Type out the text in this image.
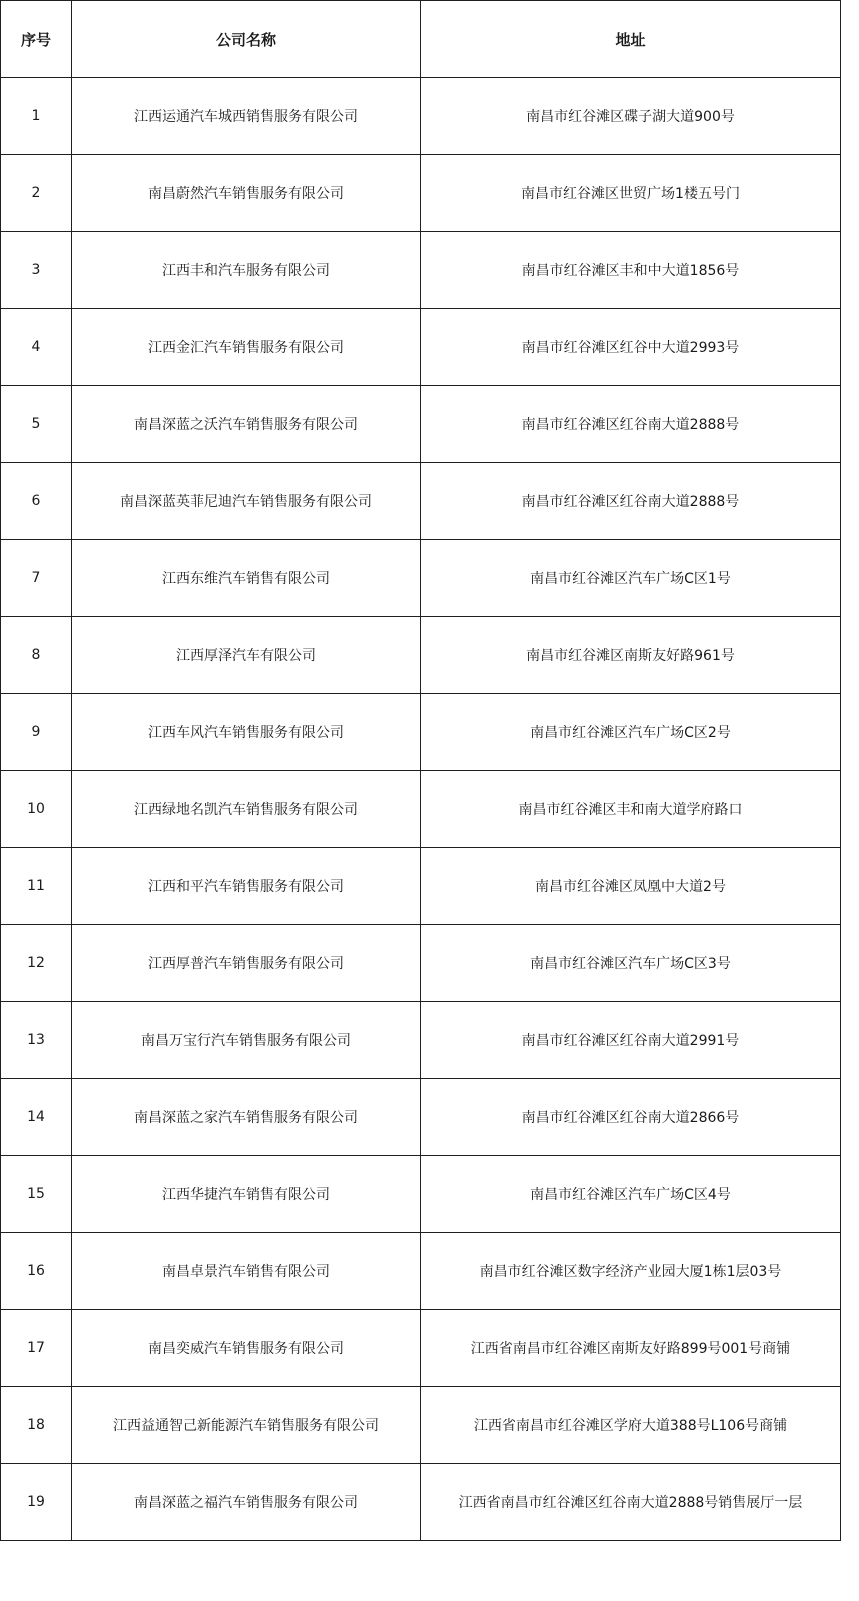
序号	公司名称	地址
1	江西运通汽车城西销售服务有限公司	南昌市红谷滩区碟子湖大道900号
2	南昌蔚然汽车销售服务有限公司	南昌市红谷滩区世贸广场1楼五号门
3	江西丰和汽车服务有限公司	南昌市红谷滩区丰和中大道1856号
4	江西金汇汽车销售服务有限公司	南昌市红谷滩区红谷中大道2993号
5	南昌深蓝之沃汽车销售服务有限公司	南昌市红谷滩区红谷南大道2888号
6	南昌深蓝英菲尼迪汽车销售服务有限公司	南昌市红谷滩区红谷南大道2888号
7	江西东维汽车销售有限公司	南昌市红谷滩区汽车广场C区1号
8	江西厚泽汽车有限公司	南昌市红谷滩区南斯友好路961号
9	江西车风汽车销售服务有限公司	南昌市红谷滩区汽车广场C区2号
10	江西绿地名凯汽车销售服务有限公司	南昌市红谷滩区丰和南大道学府路口
11	江西和平汽车销售服务有限公司	南昌市红谷滩区凤凰中大道2号
12	江西厚普汽车销售服务有限公司	南昌市红谷滩区汽车广场C区3号
13	南昌万宝行汽车销售服务有限公司	南昌市红谷滩区红谷南大道2991号
14	南昌深蓝之家汽车销售服务有限公司	南昌市红谷滩区红谷南大道2866号
15	江西华捷汽车销售有限公司	南昌市红谷滩区汽车广场C区4号
16	南昌卓景汽车销售有限公司	南昌市红谷滩区数字经济产业园大厦1栋1层03号
17	南昌奕威汽车销售服务有限公司	江西省南昌市红谷滩区南斯友好路899号001号商铺
18	江西益通智己新能源汽车销售服务有限公司	江西省南昌市红谷滩区学府大道388号L106号商铺
19	南昌深蓝之福汽车销售服务有限公司	江西省南昌市红谷滩区红谷南大道2888号销售展厅一层
